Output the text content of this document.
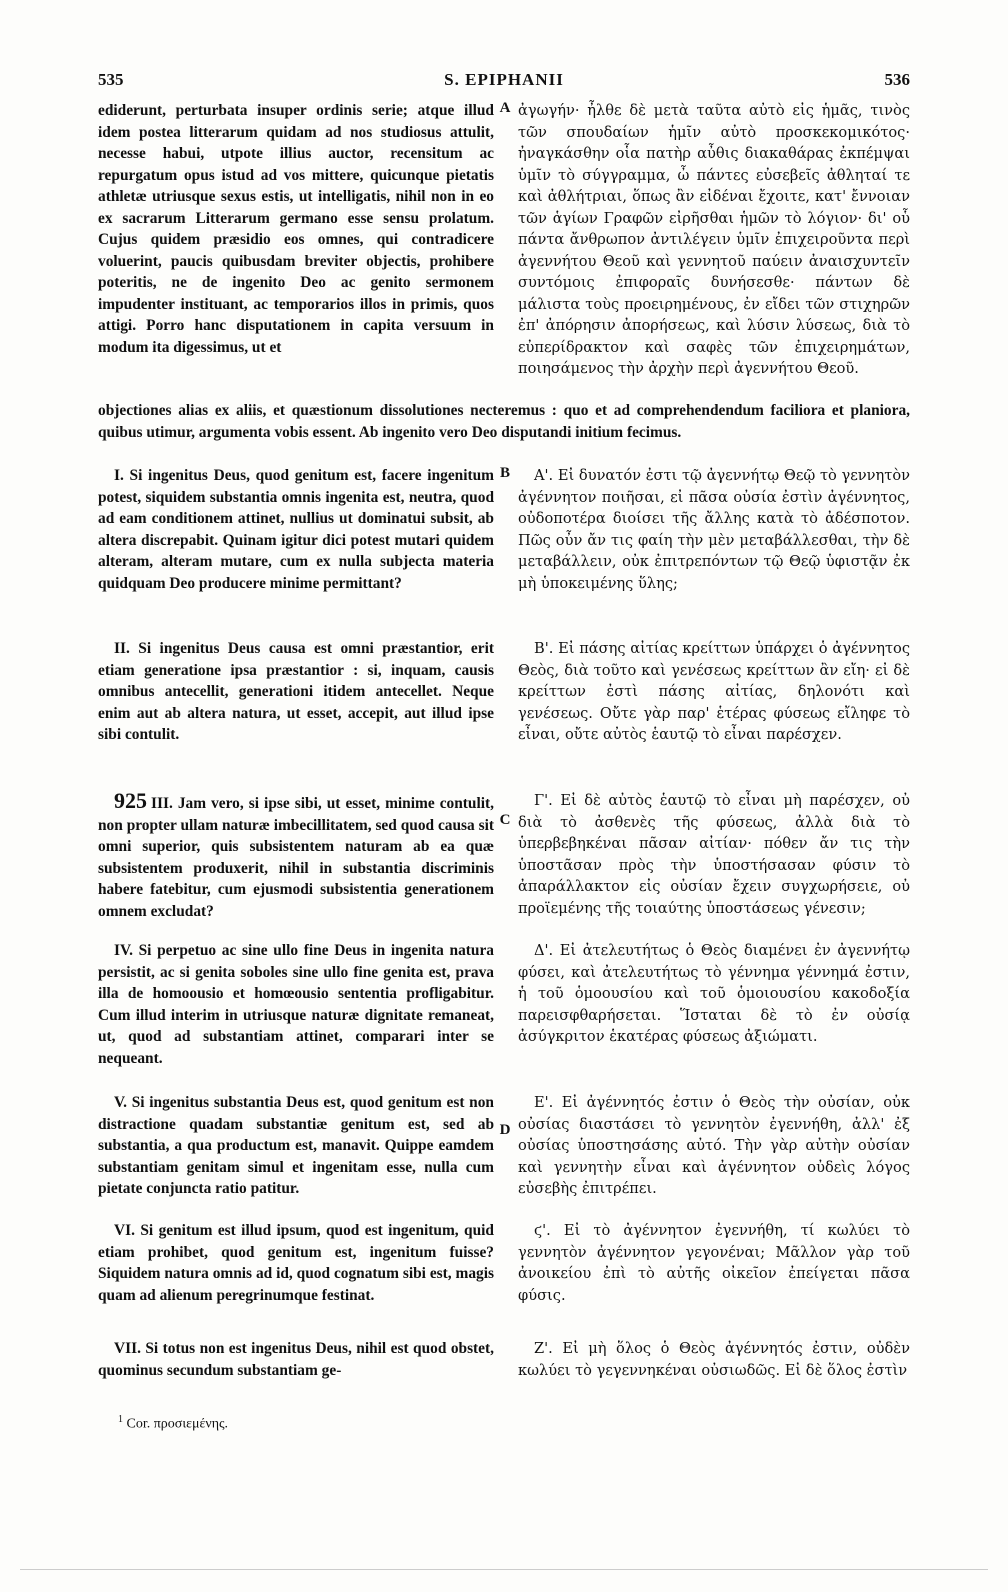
535	S. EPIPHANII	536
ediderunt, perturbata insuper ordinis serie; atque illud idem postea litterarum quidam ad nos studiosus attulit, necesse habui, utpote illius auctor, recensitum ac repurgatum opus istud ad vos mittere, quicunque pietatis athletæ utriusque sexus estis, ut intelligatis, nihil non in eo ex sacrarum Litterarum germano esse sensu prolatum. Cujus quidem præsidio eos omnes, qui contradicere voluerint, paucis quibusdam breviter objectis, prohibere poteritis, ne de ingenito Deo ac genito sermonem impudenter instituant, ac temporarios illos in primis, quos attigi. Porro hanc disputationem in capita versuum in modum ita digessimus, ut et
A ἀγωγήν· ἦλθε δὲ μετὰ ταῦτα αὐτὸ εἰς ἡμᾶς, τινὸς τῶν σπουδαίων ἡμῖν αὐτὸ προσκεκομικότος· ἠναγκάσθην οἷα πατὴρ αὖθις διακαθάρας ἐκπέμψαι ὑμῖν τὸ σύγγραμμα, ὦ πάντες εὐσεβεῖς ἀθληταί τε καὶ ἀθλήτριαι, ὅπως ἂν εἰδέναι ἔχοιτε, κατ' ἔννοιαν τῶν ἁγίων Γραφῶν εἰρῆσθαι ἡμῶν τὸ λόγιον· δι' οὗ πάντα ἄνθρωπον ἀντιλέγειν ὑμῖν ἐπιχειροῦντα περὶ ἀγεννήτου Θεοῦ καὶ γεννητοῦ παύειν ἀναισχυντεῖν συντόμοις ἐπιφοραῖς δυνήσεσθε· πάντων δὲ μάλιστα τοὺς προειρημένους, ἐν εἴδει τῶν στιχηρῶν ἐπ' ἀπόρησιν ἀπορήσεως, καὶ λύσιν λύσεως, διὰ τὸ εὐπερίδρακτον καὶ σαφὲς τῶν ἐπιχειρημάτων, ποιησάμενος τὴν ἀρχὴν περὶ ἀγεννήτου Θεοῦ.
objectiones alias ex aliis, et quæstionum dissolutiones necteremus : quo et ad comprehendendum faciliora et planiora, quibus utimur, argumenta vobis essent. Ab ingenito vero Deo disputandi initium fecimus.

I. Si ingenitus Deus, quod genitum est, facere ingenitum potest, siquidem substantia omnis ingenita est, neutra, quod ad eam conditionem attinet, nullius ut dominatui subsit, ab altera discrepabit. Quinam igitur dici potest mutari quidem alteram, alteram mutare, cum ex nulla subjecta materia quidquam Deo producere minime permittant?

B	Α'. Εἰ δυνατόν ἐστι τῷ ἀγεννήτῳ Θεῷ τὸ γεννητὸν ἀγέννητον ποιῆσαι, εἰ πᾶσα οὐσία ἐστὶν ἀγέννητος, οὐδοποτέρα διοίσει τῆς ἄλλης κατὰ τὸ ἀδέσποτον. Πῶς οὖν ἄν τις φαίη τὴν μὲν μεταβάλλεσθαι, τὴν δὲ μεταβάλλειν, οὐκ ἐπιτρεπόντων τῷ Θεῷ ὑφιστᾷν ἐκ μὴ ὑποκειμένης ὕλης;

II. Si ingenitus Deus causa est omni præstantior, erit etiam generatione ipsa præstantior : si, inquam, causis omnibus antecellit, generationi itidem antecellet. Neque enim aut ab altera natura, ut esset, accepit, aut illud ipse sibi contulit.

Β'. Εἰ πάσης αἰτίας κρείττων ὑπάρχει ὁ ἀγέννητος Θεὸς, διὰ τοῦτο καὶ γενέσεως κρείττων ἂν εἴη· εἰ δὲ κρείττων ἐστὶ πάσης αἰτίας, δηλονότι καὶ γενέσεως. Οὔτε γὰρ παρ' ἑτέρας φύσεως εἴληφε τὸ εἶναι, οὔτε αὐτὸς ἑαυτῷ τὸ εἶναι παρέσχεν.

925 III. Jam vero, si ipse sibi, ut esset, minime contulit, non propter ullam naturæ imbecillitatem, sed quod causa sit omni superior, quis subsistentem naturam ab ea quæ subsistentem produxerit, nihil in substantia discriminis habere fatebitur, cum ejusmodi subsistentia generationem omnem excludat?

C

Γ'. Εἰ δὲ αὐτὸς ἑαυτῷ τὸ εἶναι μὴ παρέσχεν, οὐ διὰ τὸ ἀσθενὲς τῆς φύσεως, ἀλλὰ διὰ τὸ ὑπερβεβηκέναι πᾶσαν αἰτίαν· πόθεν ἄν τις τὴν ὑποστᾶσαν πρὸς τὴν ὑποστήσασαν φύσιν τὸ ἀπαράλλακτον εἰς οὐσίαν ἔχειν συγχωρήσειε, οὐ προϊεμένης τῆς τοιαύτης ὑποστάσεως γένεσιν;

IV. Si perpetuo ac sine ullo fine Deus in ingenita natura persistit, ac si genita soboles sine ullo fine genita est, prava illa de homoousio et homœousio sententia profligabitur. Cum illud interim in utriusque naturæ dignitate remaneat, ut, quod ad substantiam attinet, comparari inter se nequeant.

Δ'. Εἰ ἀτελευτήτως ὁ Θεὸς διαμένει ἐν ἀγεννήτῳ φύσει, καὶ ἀτελευτήτως τὸ γέννημα γέννημά ἐστιν, ἡ τοῦ ὁμοουσίου καὶ τοῦ ὁμοιουσίου κακοδοξία παρεισφθαρήσεται. Ἵσταται δὲ τὸ ἐν οὐσίᾳ ἀσύγκριτον ἑκατέρας φύσεως ἀξιώματι.

V. Si ingenitus substantia Deus est, quod genitum est non distractione quadam substantiæ genitum est, sed ab substantia, a qua productum est, manavit. Quippe eamdem substantiam genitam simul et ingenitam esse, nulla cum pietate conjuncta ratio patitur.

D

Ε'. Εἰ ἀγέννητός ἐστιν ὁ Θεὸς τὴν οὐσίαν, οὐκ οὐσίας διαστάσει τὸ γεννητὸν ἐγεννήθη, ἀλλ' ἐξ οὐσίας ὑποστησάσης αὐτό. Τὴν γὰρ αὐτὴν οὐσίαν καὶ γεννητὴν εἶναι καὶ ἀγέννητον οὐδεὶς λόγος εὐσεβὴς ἐπιτρέπει.

VI. Si genitum est illud ipsum, quod est ingenitum, quid etiam prohibet, quod genitum est, ingenitum fuisse? Siquidem natura omnis ad id, quod cognatum sibi est, magis quam ad alienum peregrinumque festinat.

ϛ'. Εἰ τὸ ἀγέννητον ἐγεννήθη, τί κωλύει τὸ γεννητὸν ἀγέννητον γεγονέναι; Μᾶλλον γὰρ τοῦ ἀνοικείου ἐπὶ τὸ αὐτῆς οἰκεῖον ἐπείγεται πᾶσα φύσις.

VII. Si totus non est ingenitus Deus, nihil est quod obstet, quominus secundum substantiam ge-

Ζ'. Εἰ μὴ ὅλος ὁ Θεὸς ἀγέννητός ἐστιν, οὐδὲν κωλύει τὸ γεγεννηκέναι οὐσιωδῶς. Εἰ δὲ ὅλος ἐστὶν

$^1$ Cor. προσιεμένης.
